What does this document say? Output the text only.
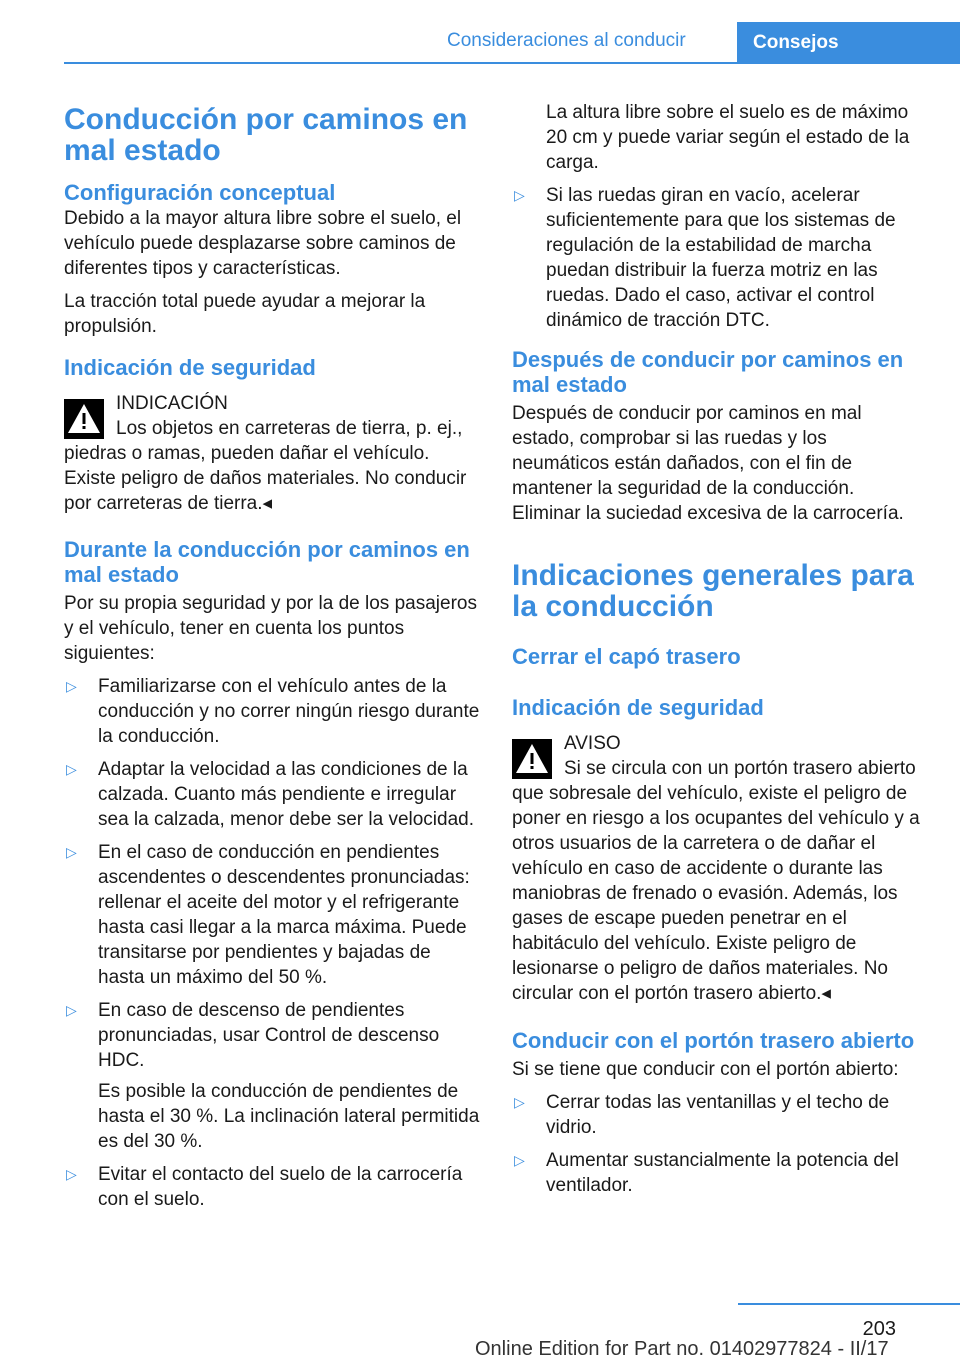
Consideraciones al conducir	Consejos
Conducción por caminos en mal estado
Configuración conceptual

Debido a la mayor altura libre sobre el suelo, el vehículo puede desplazarse sobre caminos de diferentes tipos y características.

La tracción total puede ayudar a mejorar la propulsión.

Indicación de seguridad

INDICACIÓN

Los objetos en carreteras de tierra, p. ej., piedras o ramas, pueden dañar el vehículo. Existe peligro de daños materiales. No conducir por carreteras de tierra.◂

Durante la conducción por caminos en mal estado

Por su propia seguridad y por la de los pasajeros y el vehículo, tener en cuenta los puntos siguientes:

▷ Familiarizarse con el vehículo antes de la conducción y no correr ningún riesgo durante la conducción.
▷ Adaptar la velocidad a las condiciones de la calzada. Cuanto más pendiente e irregular sea la calzada, menor debe ser la velocidad.
▷ En el caso de conducción en pendientes ascendentes o descendentes pronunciadas: rellenar el aceite del motor y el refrigerante hasta casi llegar a la marca máxima. Puede transitarse por pendientes y bajadas de hasta un máximo del 50 %.
▷ En caso de descenso de pendientes pronunciadas, usar Control de descenso HDC.

Es posible la conducción de pendientes de hasta el 30 %. La inclinación lateral permitida es del 30 %.

▷ Evitar el contacto del suelo de la carrocería con el suelo.

La altura libre sobre el suelo es de máximo 20 cm y puede variar según el estado de la carga.

▷ Si las ruedas giran en vacío, acelerar suficientemente para que los sistemas de regulación de la estabilidad de marcha puedan distribuir la fuerza motriz en las ruedas. Dado el caso, activar el control dinámico de tracción DTC.
Después de conducir por caminos en mal estado

Después de conducir por caminos en mal estado, comprobar si las ruedas y los neumáticos están dañados, con el fin de mantener la seguridad de la conducción. Eliminar la suciedad excesiva de la carrocería.

Indicaciones generales para la conducción
Cerrar el capó trasero
Indicación de seguridad

AVISO

Si se circula con un portón trasero abierto que sobresale del vehículo, existe el peligro de poner en riesgo a los ocupantes del vehículo y a otros usuarios de la carretera o de dañar el vehículo en caso de accidente o durante las maniobras de frenado o evasión. Además, los gases de escape pueden penetrar en el habitáculo del vehículo. Existe peligro de lesionarse o peligro de daños materiales. No circular con el portón trasero abierto.◂

Conducir con el portón trasero abierto

Si se tiene que conducir con el portón abierto:

▷ Cerrar todas las ventanillas y el techo de vidrio.
▷ Aumentar sustancialmente la potencia del ventilador.
203
Online Edition for Part no. 01402977824 - II/17
